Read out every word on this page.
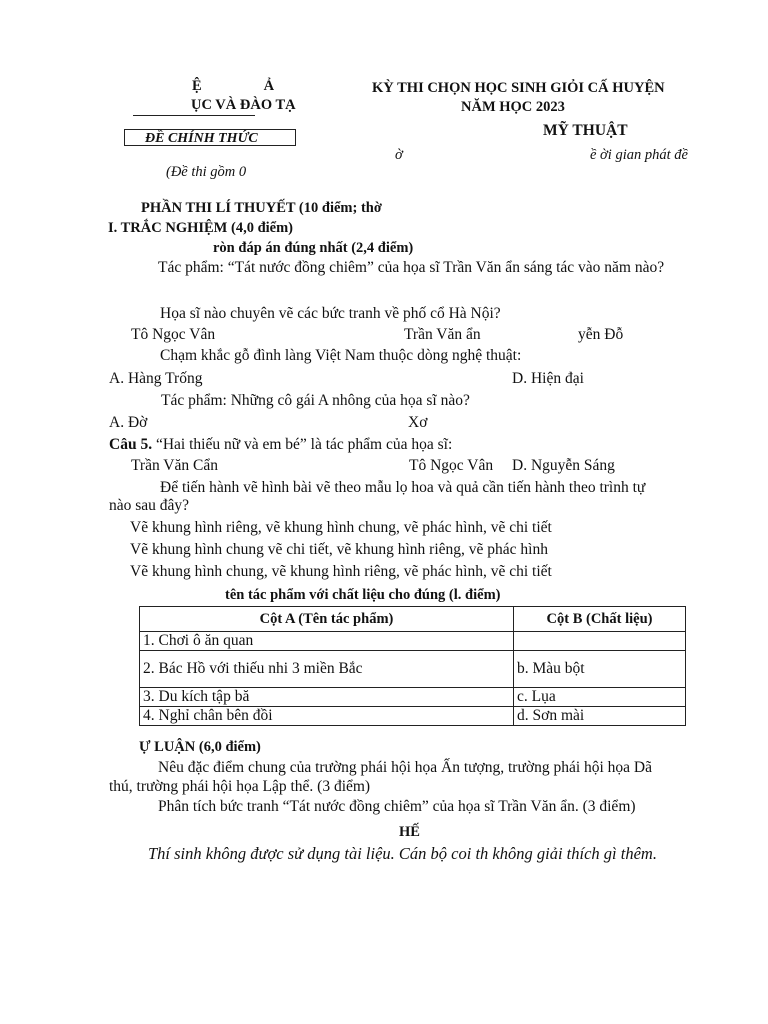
Ệ	Ả
ỤC VÀ ĐÀO TẠ
ĐỀ CHÍNH THỨC
(Đề thi gồm 0
KỲ THI CHỌN HỌC SINH GIỎI CẤ HUYỆN
NĂM HỌC 2023
MỸ THUẬT
ờ	ề ời gian phát đề
PHẦN THI LÍ THUYẾT (10 điểm; thờ
I. TRẮC NGHIỆM (4,0 điểm)
ròn đáp án đúng nhất (2,4 điểm)
Tác phẩm: “Tát nước đồng chiêm” của họa sĩ Trần Văn ẩn sáng tác vào năm nào?
Họa sĩ nào chuyên vẽ các bức tranh về phố cổ Hà Nội?
Tô Ngọc Vân	Trần Văn ẩn	yễn Đỗ
Chạm khắc gỗ đình làng Việt Nam thuộc dòng nghệ thuật:
A. Hàng Trống	D. Hiện đại
Tác phẩm: Những cô gái A nhông của họa sĩ nào?
A. Đờ	Xơ
Câu 5. “Hai thiếu nữ và em bé” là tác phẩm của họa sĩ:
Trần Văn Cẩn	Tô Ngọc Vân D. Nguyễn Sáng
Để tiến hành vẽ hình bài vẽ theo mẫu lọ hoa và quả cần tiến hành theo trình tự
nào sau đây?
Vẽ khung hình riêng, vẽ khung hình chung, vẽ phác hình, vẽ chi tiết
Vẽ khung hình chung vẽ chi tiết, vẽ khung hình riêng, vẽ phác hình
Vẽ khung hình chung, vẽ khung hình riêng, vẽ phác hình, vẽ chi tiết
tên tác phẩm với chất liệu cho đúng (l. điểm)
Cột A (Tên tác phẩm)	Cột B (Chất liệu)
1. Chơi ô ăn quan	
2. Bác Hồ với thiếu nhi 3 miền Bắc	b. Màu bột
3. Du kích tập bă	c. Lụa
4. Nghỉ chân bên đồi	d. Sơn mài
Ự LUẬN (6,0 điểm)
Nêu đặc điểm chung của trường phái hội họa Ấn tượng, trường phái hội họa Dã
thú, trường phái hội họa Lập thể. (3 điểm)
Phân tích bức tranh “Tát nước đồng chiêm” của họa sĩ Trần Văn ẩn. (3 điểm)
HẾ
Thí sinh không được sử dụng tài liệu. Cán bộ coi th không giải thích gì thêm.
